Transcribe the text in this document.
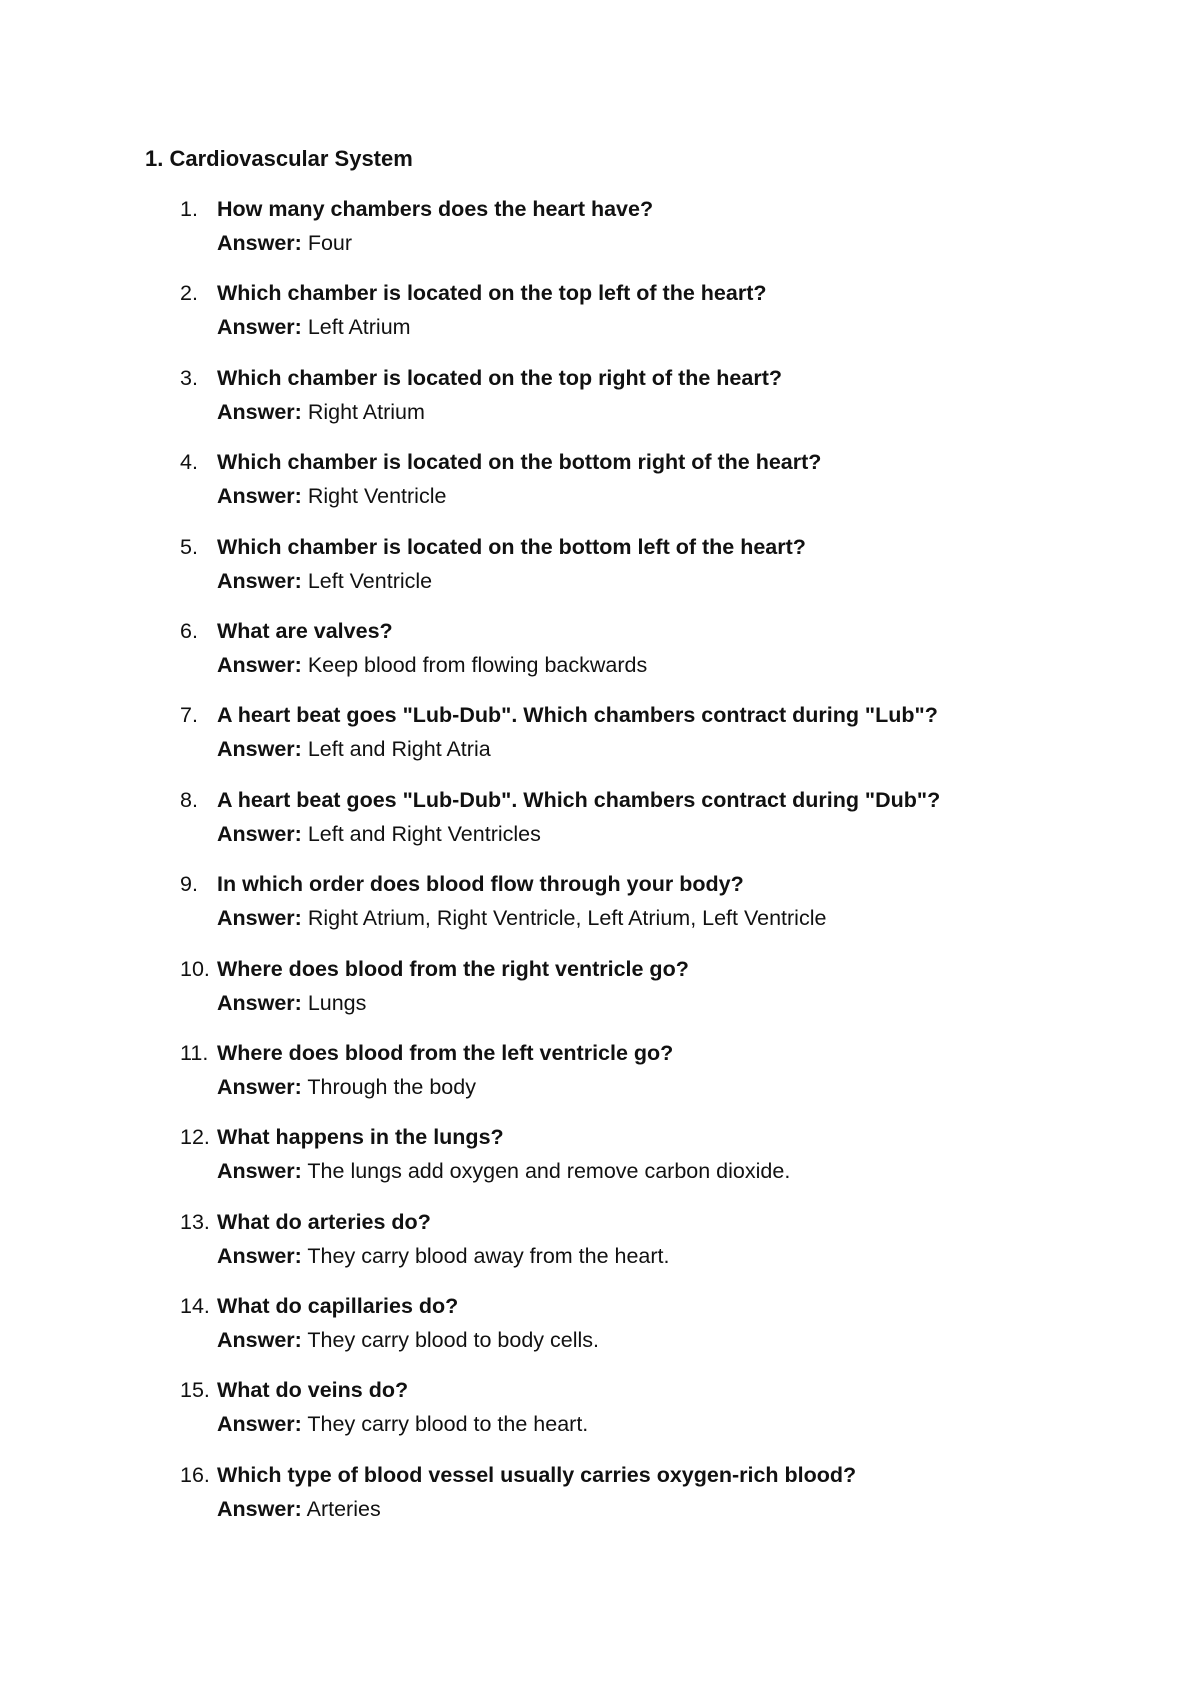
1. Cardiovascular System
1. How many chambers does the heart have?
Answer: Four
2. Which chamber is located on the top left of the heart?
Answer: Left Atrium
3. Which chamber is located on the top right of the heart?
Answer: Right Atrium
4. Which chamber is located on the bottom right of the heart?
Answer: Right Ventricle
5. Which chamber is located on the bottom left of the heart?
Answer: Left Ventricle
6. What are valves?
Answer: Keep blood from flowing backwards
7. A heart beat goes "Lub-Dub". Which chambers contract during "Lub"?
Answer: Left and Right Atria
8. A heart beat goes "Lub-Dub". Which chambers contract during "Dub"?
Answer: Left and Right Ventricles
9. In which order does blood flow through your body?
Answer: Right Atrium, Right Ventricle, Left Atrium, Left Ventricle
10. Where does blood from the right ventricle go?
Answer: Lungs
11. Where does blood from the left ventricle go?
Answer: Through the body
12. What happens in the lungs?
Answer: The lungs add oxygen and remove carbon dioxide.
13. What do arteries do?
Answer: They carry blood away from the heart.
14. What do capillaries do?
Answer: They carry blood to body cells.
15. What do veins do?
Answer: They carry blood to the heart.
16. Which type of blood vessel usually carries oxygen-rich blood?
Answer: Arteries
